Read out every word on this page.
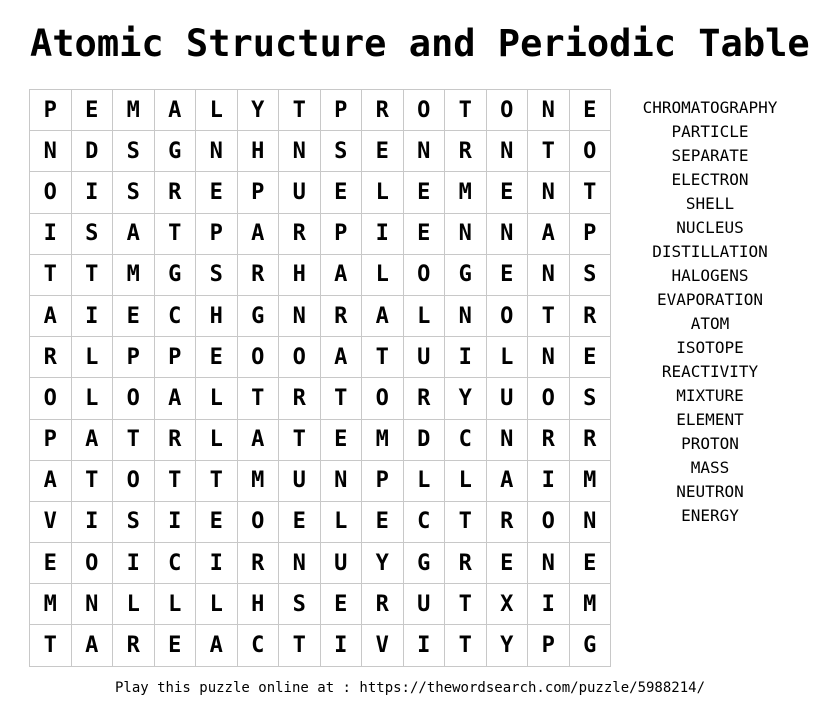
Atomic Structure and Periodic Table
P	E	M	A	L	Y	T	P	R	O	T	O	N	E
N	D	S	G	N	H	N	S	E	N	R	N	T	O
O	I	S	R	E	P	U	E	L	E	M	E	N	T
I	S	A	T	P	A	R	P	I	E	N	N	A	P
T	T	M	G	S	R	H	A	L	O	G	E	N	S
A	I	E	C	H	G	N	R	A	L	N	O	T	R
R	L	P	P	E	O	O	A	T	U	I	L	N	E
O	L	O	A	L	T	R	T	O	R	Y	U	O	S
P	A	T	R	L	A	T	E	M	D	C	N	R	R
A	T	O	T	T	M	U	N	P	L	L	A	I	M
V	I	S	I	E	O	E	L	E	C	T	R	O	N
E	O	I	C	I	R	N	U	Y	G	R	E	N	E
M	N	L	L	L	H	S	E	R	U	T	X	I	M
T	A	R	E	A	C	T	I	V	I	T	Y	P	G
CHROMATOGRAPHY
PARTICLE
SEPARATE
ELECTRON
SHELL
NUCLEUS
DISTILLATION
HALOGENS
EVAPORATION
ATOM
ISOTOPE
REACTIVITY
MIXTURE
ELEMENT
PROTON
MASS
NEUTRON
ENERGY
Play this puzzle online at : https://thewordsearch.com/puzzle/5988214/
